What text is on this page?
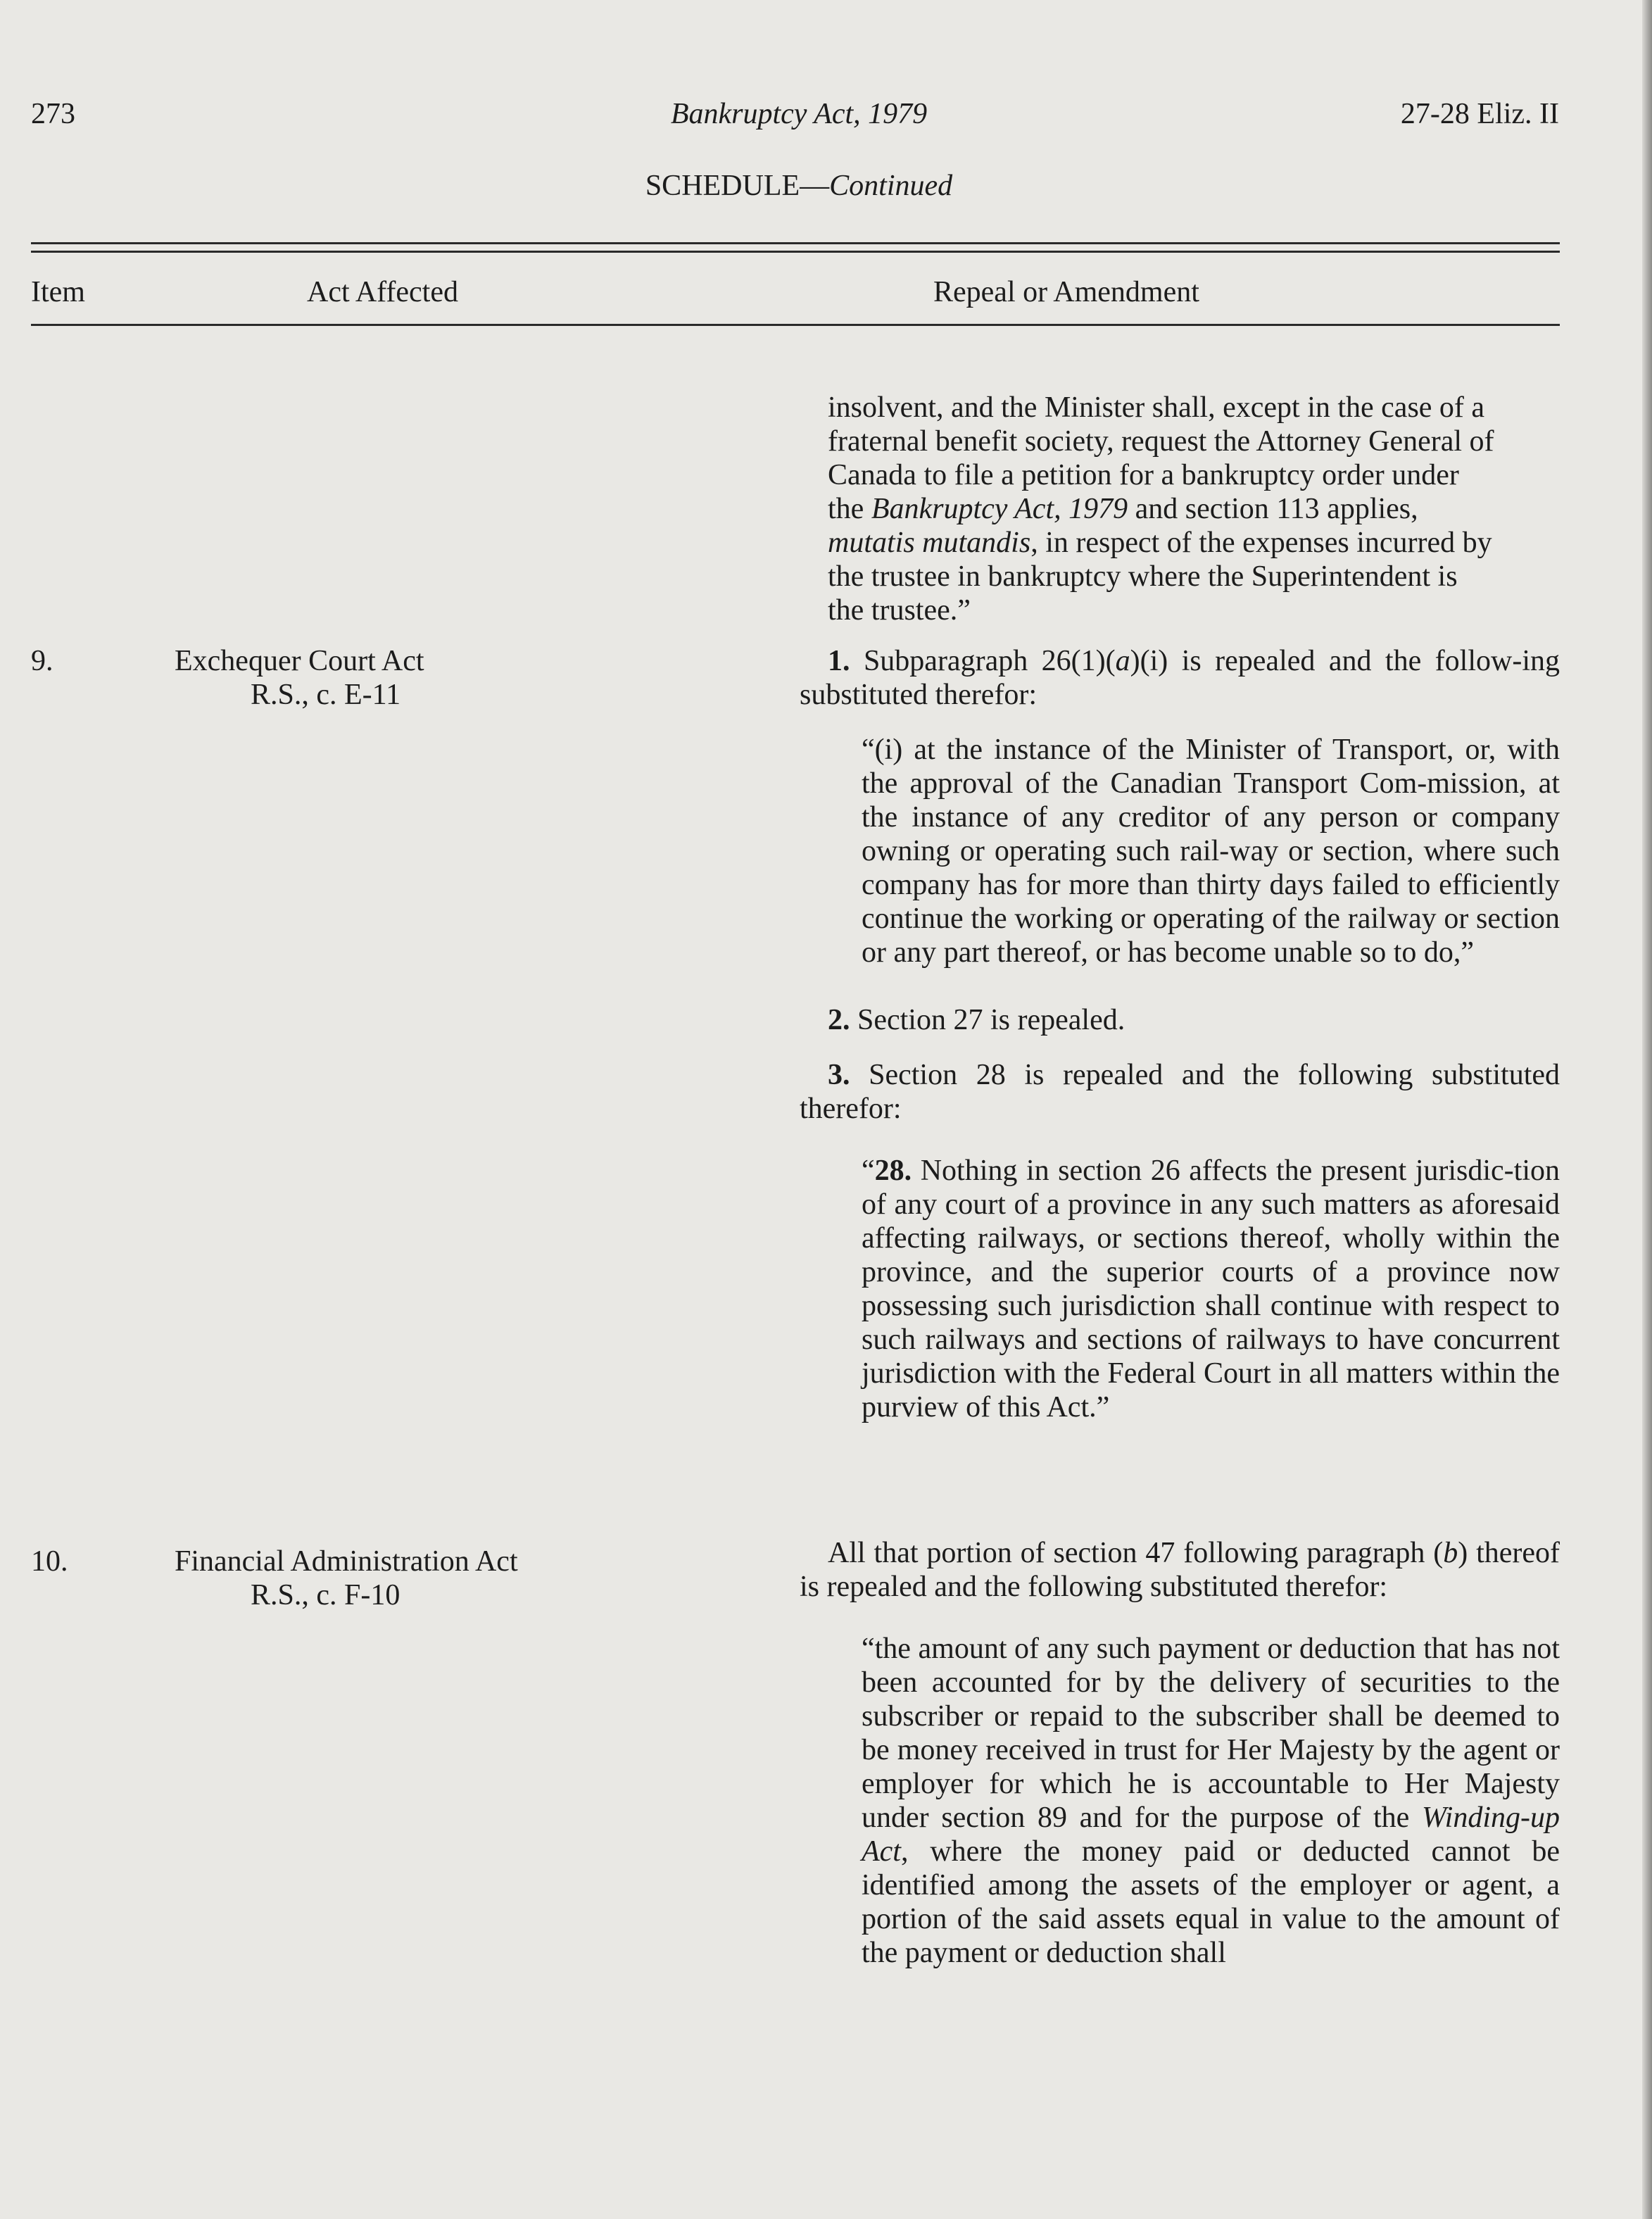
273	Bankruptcy Act, 1979	27-28 Eliz. II
SCHEDULE—Continued
Item	Act Affected	Repeal or Amendment

insolvent, and the Minister shall, except in the case of a

fraternal benefit society, request the Attorney General of

Canada to file a petition for a bankruptcy order under

the Bankruptcy Act, 1979 and section 113 applies,

mutatis mutandis, in respect of the expenses incurred by

the trustee in bankruptcy where the Superintendent is

the trustee.”

9.	Exchequer Court Act
R.S., c. E-11

1. Subparagraph 26(1)(a)(i) is repealed and the follow-ing substituted therefor:

“(i) at the instance of the Minister of Transport, or, with the approval of the Canadian Transport Com-mission, at the instance of any creditor of any person or company owning or operating such rail-way or section, where such company has for more than thirty days failed to efficiently continue the working or operating of the railway or section or any part thereof, or has become unable so to do,”

2. Section 27 is repealed.

3. Section 28 is repealed and the following substituted therefor:

“28. Nothing in section 26 affects the present jurisdic-tion of any court of a province in any such matters as aforesaid affecting railways, or sections thereof, wholly within the province, and the superior courts of a province now possessing such jurisdiction shall continue with respect to such railways and sections of railways to have concurrent jurisdiction with the Federal Court in all matters within the purview of this Act.”

10.	Financial Administration Act
R.S., c. F-10

All that portion of section 47 following paragraph (b) thereof is repealed and the following substituted therefor:

“the amount of any such payment or deduction that has not been accounted for by the delivery of securities to the subscriber or repaid to the subscriber shall be deemed to be money received in trust for Her Majesty by the agent or employer for which he is accountable to Her Majesty under section 89 and for the purpose of the Winding-up Act, where the money paid or deducted cannot be identified among the assets of the employer or agent, a portion of the said assets equal in value to the amount of the payment or deduction shall
